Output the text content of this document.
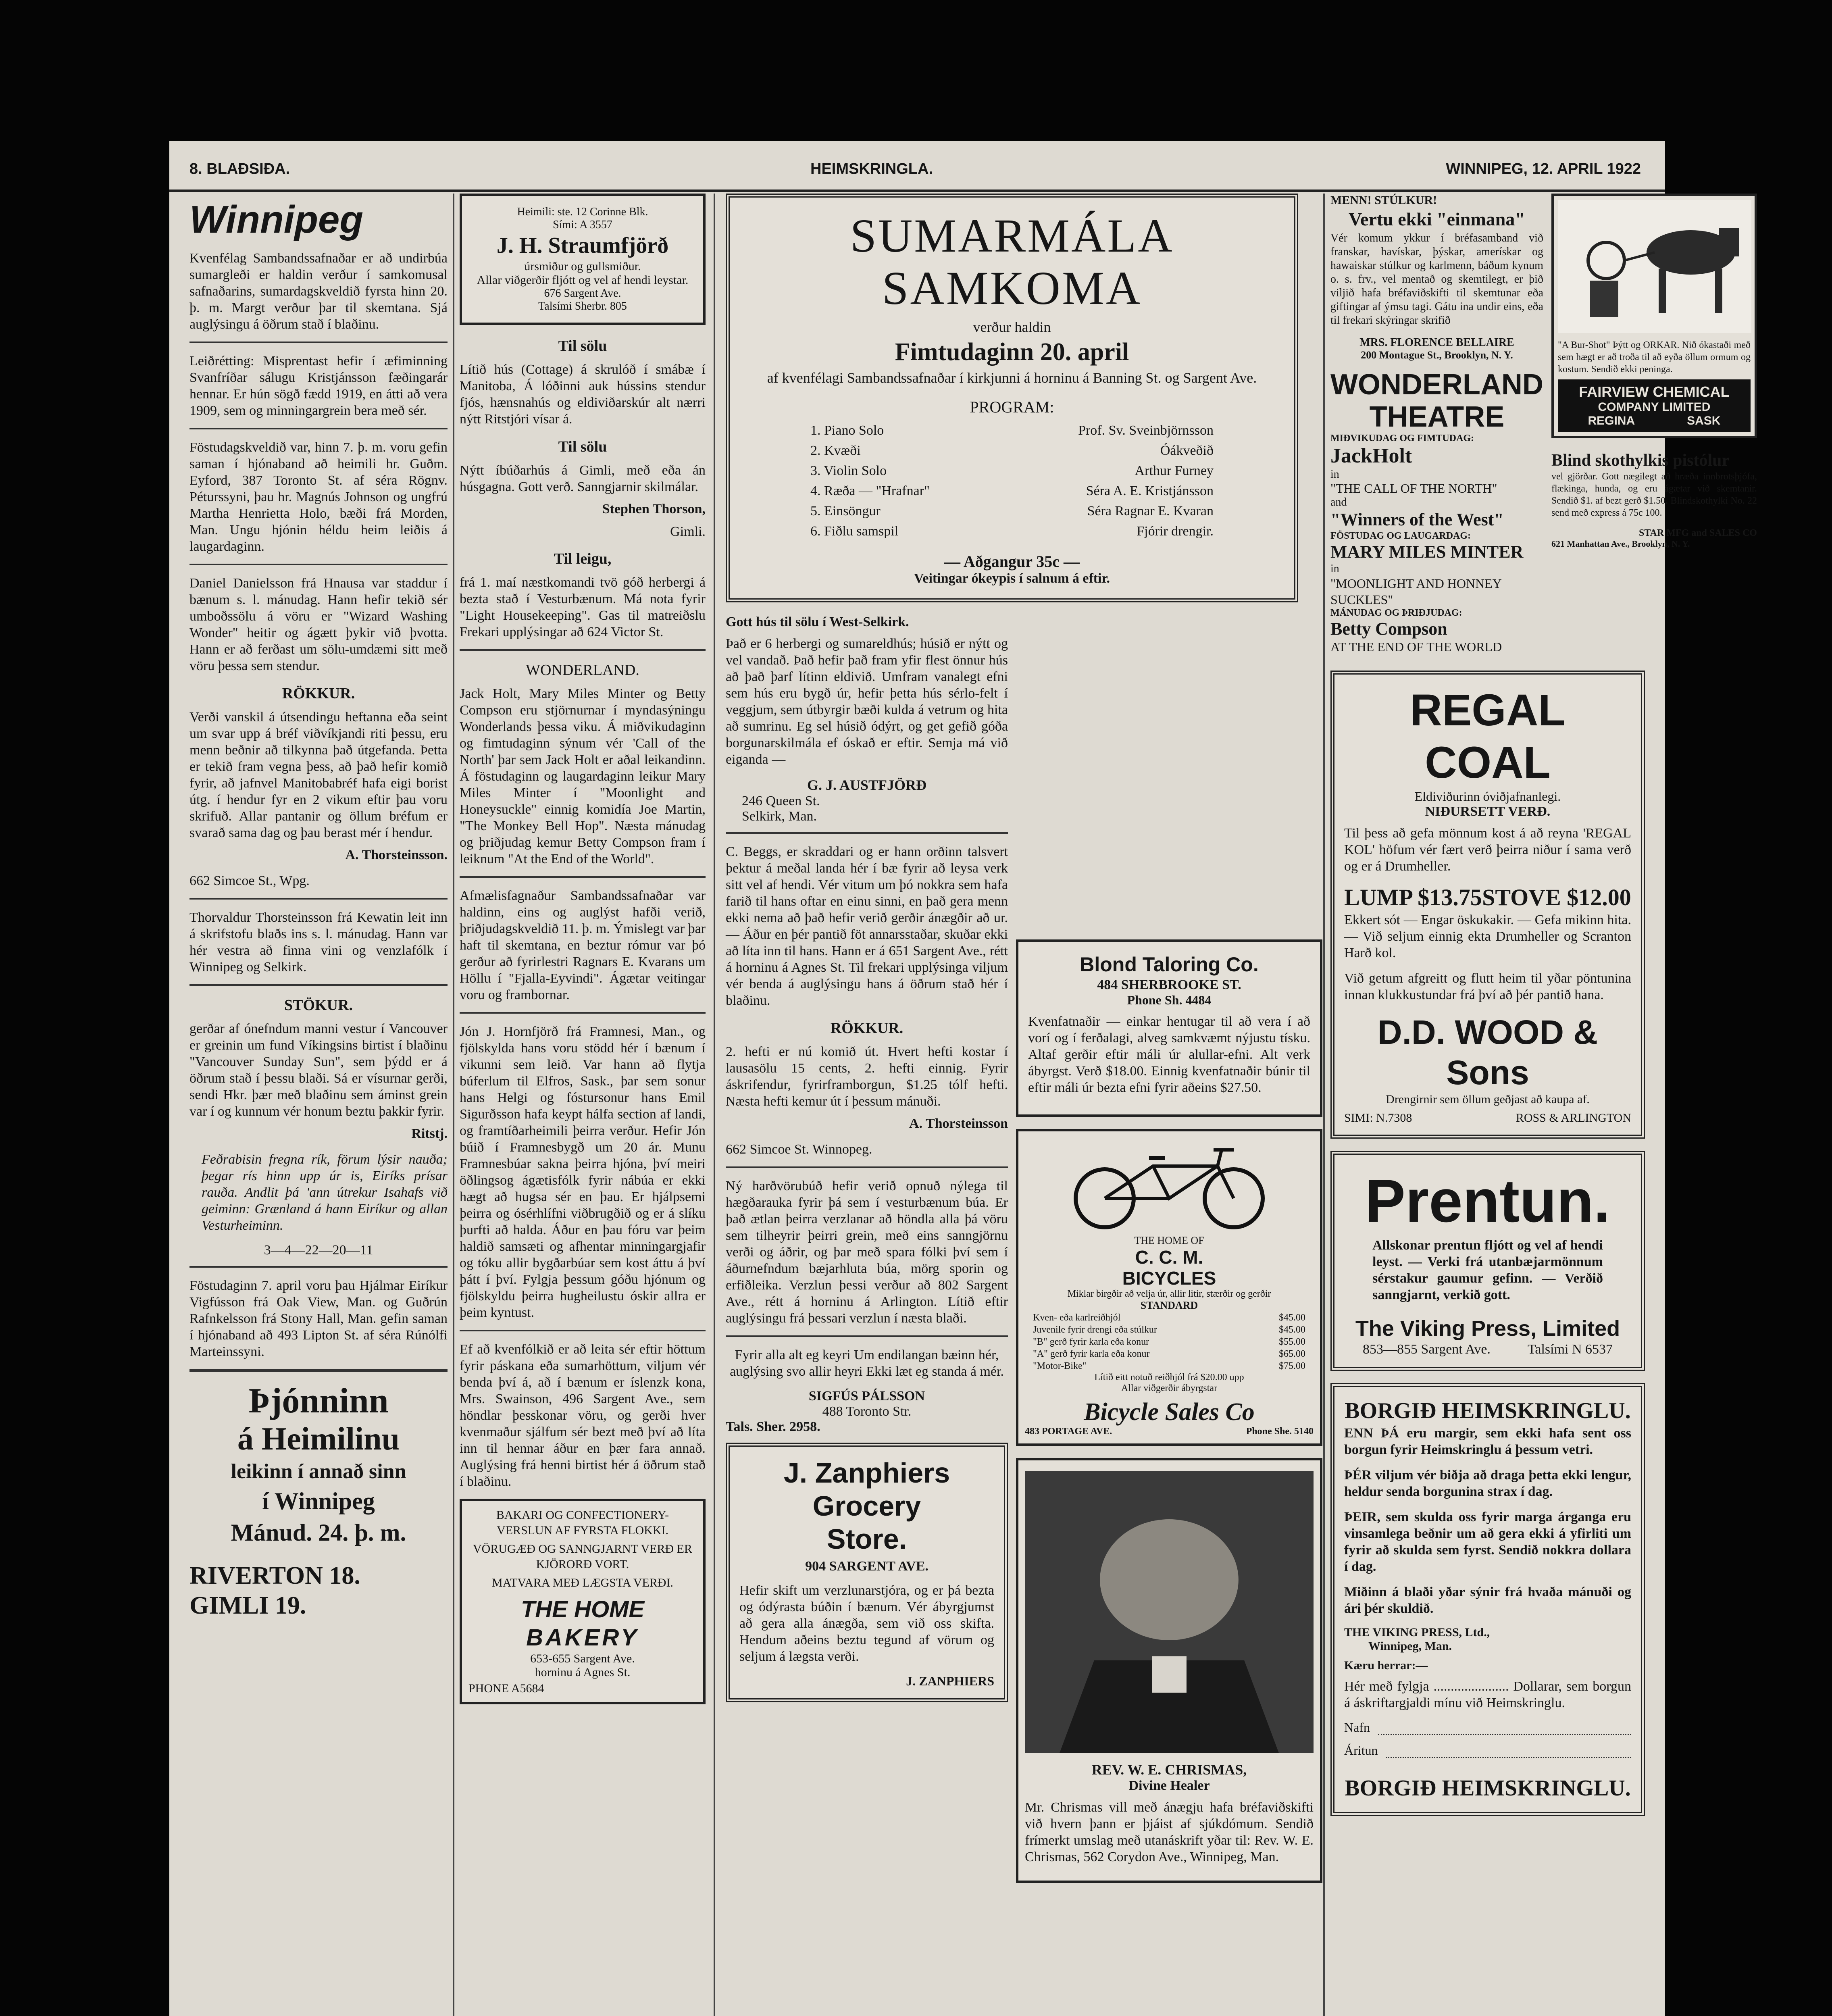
8. BLAÐSIÐA.	HEIMSKRINGLA.	WINNIPEG, 12. APRIL 1922
Winnipeg

Kvenfélag Sambandssafnaðar er að undirbúa sumargleði er haldin verður í samkomusal safnaðarins, sumardagskveldið fyrsta hinn 20. þ. m. Margt verður þar til skemtana. Sjá auglýsingu á öðrum stað í blaðinu.

Leiðrétting: Misprentast hefir í æfiminning Svanfríðar sálugu Kristjánsson fæðingarár hennar. Er hún sögð fædd 1919, en átti að vera 1909, sem og minningargrein bera með sér.

Föstudagskveldið var, hinn 7. þ. m. voru gefin saman í hjónaband að heimili hr. Guðm. Eyford, 387 Toronto St. af séra Rögnv. Péturssyni, þau hr. Magnús Johnson og ungfrú Martha Henrietta Holo, bæði frá Morden, Man. Ungu hjónin héldu heim leiðis á laugardaginn.

Daniel Danielsson frá Hnausa var staddur í bænum s. l. mánudag. Hann hefir tekið sér umboðssölu á vöru er "Wizard Washing Wonder" heitir og ágætt þykir við þvotta. Hann er að ferðast um sölu-umdæmi sitt með vöru þessa sem stendur.

RÖKKUR.

Verði vanskil á útsendingu heftanna eða seint um svar upp á bréf viðvíkjandi riti þessu, eru menn beðnir að tilkynna það útgefanda. Þetta er tekið fram vegna þess, að það hefir komið fyrir, að jafnvel Manitobabréf hafa eigi borist útg. í hendur fyr en 2 vikum eftir þau voru skrifuð. Allar pantanir og öllum bréfum er svarað sama dag og þau berast mér í hendur.

A. Thorsteinsson.

662 Simcoe St., Wpg.

Thorvaldur Thorsteinsson frá Kewatin leit inn á skrifstofu blaðs ins s. l. mánudag. Hann var hér vestra að finna vini og venzlafólk í Winnipeg og Selkirk.

STÖKUR.

gerðar af ónefndum manni vestur í Vancouver er greinin um fund Víkingsins birtist í blaðinu "Vancouver Sunday Sun", sem þýdd er á öðrum stað í þessu blaði. Sá er vísurnar gerði, sendi Hkr. þær með blaðinu sem áminst grein var í og kunnum vér honum beztu þakkir fyrir.

Ritstj.

Feðrabisin fregna rík, förum lýsir nauða; þegar rís hinn upp úr is, Eiríks prísar rauða. Andlit þá 'ann útrekur Isahafs við geiminn: Grænland á hann Eiríkur og allan Vesturheiminn.

3—4—22—20—11

Föstudaginn 7. april voru þau Hjálmar Eiríkur Vigfússon frá Oak View, Man. og Guðrún Rafnkelsson frá Stony Hall, Man. gefin saman í hjónaband að 493 Lipton St. af séra Rúnólfi Marteinssyni.

Þjónninn
á Heimilinu
leikinn í annað sinn
í Winnipeg
Mánud. 24. þ. m.
RIVERTON 18.
GIMLI 19.
Heimili: ste. 12 Corinne Blk.
Sími: A 3557
J. H. Straumfjörð
úrsmiður og gullsmiður.
Allar viðgerðir fljótt og vel af hendi leystar.
676 Sargent Ave.
Talsími Sherbr. 805
Til sölu

Lítið hús (Cottage) á skrulóð í smábæ í Manitoba, Á lóðinni auk hússins stendur fjós, hænsnahús og eldiviðarskúr alt nærri nýtt Ritstjóri vísar á.

Til sölu

Nýtt íbúðarhús á Gimli, með eða án húsgagna. Gott verð. Sanngjarnir skilmálar.

Stephen Thorson,
Gimli.
Til leigu,

frá 1. maí næstkomandi tvö góð herbergi á bezta stað í Vesturbænum. Má nota fyrir "Light Housekeeping". Gas til matreiðslu Frekari upplýsingar að 624 Victor St.

WONDERLAND.

Jack Holt, Mary Miles Minter og Betty Compson eru stjörnurnar í myndasýningu Wonderlands þessa viku. Á miðvikudaginn og fimtudaginn sýnum vér 'Call of the North' þar sem Jack Holt er aðal leikandinn. Á föstudaginn og laugardaginn leikur Mary Miles Minter í "Moonlight and Honeysuckle" einnig komidía Joe Martin, "The Monkey Bell Hop". Næsta mánudag og þriðjudag kemur Betty Compson fram í leiknum "At the End of the World".

Afmælisfagnaður Sambandssafnaðar var haldinn, eins og auglýst hafði verið, þriðjudagskveldið 11. þ. m. Ýmislegt var þar haft til skemtana, en beztur rómur var þó gerður að fyrirlestri Ragnars E. Kvarans um Höllu í "Fjalla-Eyvindi". Ágætar veitingar voru og frambornar.

Jón J. Hornfjörð frá Framnesi, Man., og fjölskylda hans voru stödd hér í bænum í vikunni sem leið. Var hann að flytja búferlum til Elfros, Sask., þar sem sonur hans Helgi og fóstursonur hans Emil Sigurðsson hafa keypt hálfa section af landi, og framtíðarheimili þeirra verður. Hefir Jón búið í Framnesbygð um 20 ár. Munu Framnesbúar sakna þeirra hjóna, því meiri öðlingsog ágætisfólk fyrir nábúa er ekki hægt að hugsa sér en þau. Er hjálpsemi þeirra og ósérhlífni viðbrugðið og er á slíku þurfti að halda. Áður en þau fóru var þeim haldið samsæti og afhentar minningargjafir og tóku allir bygðarbúar sem kost áttu á því þátt í því. Fylgja þessum góðu hjónum og fjölskyldu þeirra hugheilustu óskir allra er þeim kyntust.

Ef að kvenfólkið er að leita sér eftir höttum fyrir páskana eða sumarhöttum, viljum vér benda því á, að í bænum er íslenzk kona, Mrs. Swainson, 496 Sargent Ave., sem höndlar þesskonar vöru, og gerði hver kvenmaður sjálfum sér bezt með því að líta inn til hennar áður en þær fara annað. Auglýsing frá henni birtist hér á öðrum stað í blaðinu.

BAKARI OG CONFECTIONERY-VERSLUN AF FYRSTA FLOKKI.
VÖRUGÆÐ OG SANNGJARNT VERÐ ER KJÖRORÐ VORT.
MATVARA MEÐ LÆGSTA VERÐI.
THE HOME
BAKERY
653-655 Sargent Ave.
horninu á Agnes St.
PHONE A5684
SUMARMÁLA
SAMKOMA
verður haldin
Fimtudaginn 20. april
af kvenfélagi Sambandssafnaðar í kirkjunni á horninu á Banning St. og Sargent Ave.
PROGRAM:
1. Piano Solo	Prof. Sv. Sveinbjörnsson
2. Kvæði	Óákveðið
3. Violin Solo	Arthur Furney
4. Ræða — "Hrafnar"	Séra A. E. Kristjánsson
5. Einsöngur	Séra Ragnar E. Kvaran
6. Fiðlu samspil	Fjórir drengir.
— Aðgangur 35c —
Veitingar ókeypis í salnum á eftir.
Gott hús til sölu í West-Selkirk.

Það er 6 herbergi og sumareldhús; húsið er nýtt og vel vandað. Það hefir það fram yfir flest önnur hús að það þarf lítinn eldivið. Umfram vanalegt efni sem hús eru bygð úr, hefir þetta hús sérlo-felt í veggjum, sem útbyrgir bæði kulda á vetrum og hita að sumrinu. Eg sel húsið ódýrt, og get gefið góða borgunarskilmála ef óskað er eftir. Semja má við eiganda —

G. J. AUSTFJÖRÐ
246 Queen St.
Selkirk, Man.

C. Beggs, er skraddari og er hann orðinn talsvert þektur á meðal landa hér í bæ fyrir að leysa verk sitt vel af hendi. Vér vitum um þó nokkra sem hafa farið til hans oftar en einu sinni, en það gera menn ekki nema að það hefir verið gerðir ánægðir að ur. — Áður en þér pantið föt annarsstaðar, skuðar ekki að líta inn til hans. Hann er á 651 Sargent Ave., rétt á horninu á Agnes St. Til frekari upplýsinga viljum vér benda á auglýsingu hans á öðrum stað hér í blaðinu.

RÖKKUR.

2. hefti er nú komið út. Hvert hefti kostar í lausasölu 15 cents, 2. hefti einnig. Fyrir áskrifendur, fyrirframborgun, $1.25 tólf hefti. Næsta hefti kemur út í þessum mánuði.

A. Thorsteinsson

662 Simcoe St. Winnopeg.

Ný harðvörubúð hefir verið opnuð nýlega til hægðarauka fyrir þá sem í vesturbænum búa. Er það ætlan þeirra verzlanar að höndla alla þá vöru sem tilheyrir þeirri grein, með eins sanngjörnu verði og áðrir, og þar með spara fólki því sem í áðurnefndum bæjarhluta búa, mörg sporin og erfiðleika. Verzlun þessi verður að 802 Sargent Ave., rétt á horninu á Arlington. Lítið eftir auglýsingu frá þessari verzlun í næsta blaði.

Fyrir alla alt eg keyri Um endilangan bæinn hér, auglýsing svo allir heyri Ekki læt eg standa á mér.

SIGFÚS PÁLSSON
488 Toronto Str.
Tals. Sher. 2958.
J. Zanphiers Grocery
Store.
904 SARGENT AVE.

Hefir skift um verzlunarstjóra, og er þá bezta og ódýrasta búðin í bænum. Vér ábyrgjumst að gera alla ánægða, sem við oss skifta. Hendum aðeins beztu tegund af vörum og seljum á lægsta verði.

J. ZANPHIERS
Blond Taloring Co.
484 SHERBROOKE ST.
Phone Sh. 4484

Kvenfatnaðir — einkar hentugar til að vera í að vorí og í ferðalagi, alveg samkvæmt nýjustu tísku. Altaf gerðir eftir máli úr alullar-efni. Alt verk ábyrgst. Verð $18.00. Einnig kvenfatnaðir búnir til eftir máli úr bezta efni fyrir aðeins $27.50.

THE HOME OF
C. C. M.
BICYCLES
Miklar birgðir að velja úr, allir litir, stærðir og gerðir
STANDARD
Kven- eða karlreiðhjól	$45.00
Juvenile fyrir drengi eða stúlkur	$45.00
"B" gerð fyrir karla eða konur	$55.00
"A" gerð fyrir karla eða konur	$65.00
"Motor-Bike"	$75.00
Lítið eitt notuð reiðhjól frá $20.00 upp
Allar viðgerðir ábyrgstar
Bicycle Sales Co
483 PORTAGE AVE.	Phone She. 5140
REV. W. E. CHRISMAS,
Divine Healer

Mr. Chrismas vill með ánægju hafa bréfaviðskifti við hvern þann er þjáist af sjúkdómum. Sendið frímerkt umslag með utanáskrift yðar til: Rev. W. E. Chrismas, 562 Corydon Ave., Winnipeg, Man.

MENN! STÚLKUR!
Vertu ekki "einmana"

Vér komum ykkur í bréfasamband við franskar, havískar, þýskar, amerískar og hawaiskar stúlkur og karlmenn, báðum kynum o. s. frv., vel mentað og skemtilegt, er þið viljið hafa bréfaviðskifti til skemtunar eða giftingar af ýmsu tagi. Gátu ina undir eins, eða til frekari skýringar skrifið

MRS. FLORENCE BELLAIRE
200 Montague St., Brooklyn, N. Y.
WONDERLAND
THEATRE
MIÐVIKUDAG OG FIMTUDAG:
JackHolt
in
"THE CALL OF THE NORTH"
and
"Winners of the West"
FÖSTUDAG OG LAUGARDAG:
MARY MILES MINTER
in
"MOONLIGHT AND HONNEY SUCKLES"
MÁNUDAG OG ÞRIÐJUDAG:
Betty Compson
AT THE END OF THE WORLD

"A Bur-Shot" Þýtt og ORKAR. Nið ókastaði með sem hægt er að troða til að eyða öllum ormum og kostum. Sendið ekki peninga.

FAIRVIEW CHEMICAL
COMPANY LIMITED
REGINA	SASK
Blind skothylkis pistólur

vel gjörðar. Gott nægilegt að hræða innbrotsþjófa, flækinga, hunda, og eru ágætar við skemtanir. Sendið $1. af bezt gerð $1.50. Blindskothylki No. 22 send með express á 75c 100.

STAR MFG and SALES CO
621 Manhattan Ave., Brooklyn, N. Y.
REGAL COAL
Eldiviðurinn óviðjafnanlegi.
NIÐURSETT VERÐ.

Til þess að gefa mönnum kost á að reyna 'REGAL KOL' höfum vér fært verð þeirra niður í sama verð og er á Drumheller.

LUMP $13.75 STOVE $12.00

Ekkert sót — Engar öskukakir. — Gefa mikinn hita. — Við seljum einnig ekta Drumheller og Scranton Harð kol.

Við getum afgreitt og flutt heim til yðar pöntunina innan klukkustundar frá því að þér pantið hana.

D.D. WOOD & Sons
Drengirnir sem öllum geðjast að kaupa af.
SIMI: N.7308	ROSS & ARLINGTON
Prentun.

Allskonar prentun fljótt og vel af hendi leyst. — Verki frá utanbæjarmönnum sérstakur gaumur gefinn. — Verðið sanngjarnt, verkið gott.

The Viking Press, Limited
853—855 Sargent Ave.	Talsími N 6537
BORGIÐ HEIMSKRINGLU.

ENN ÞÁ eru margir, sem ekki hafa sent oss borgun fyrir Heimskringlu á þessum vetri.

ÞÉR viljum vér biðja að draga þetta ekki lengur, heldur senda borgunina strax í dag.

ÞEIR, sem skulda oss fyrir marga árganga eru vinsamlega beðnir um að gera ekki á yfirliti um fyrir að skulda sem fyrst. Sendið nokkra dollara í dag.

Miðinn á blaði yðar sýnir frá hvaða mánuði og ári þér skuldið.

THE VIKING PRESS, Ltd.,
Winnipeg, Man.
Kæru herrar:—

Hér með fylgja ...................... Dollarar, sem borgun á áskriftargjaldi mínu við Heimskringlu.

Nafn
Áritun
BORGIÐ HEIMSKRINGLU.
